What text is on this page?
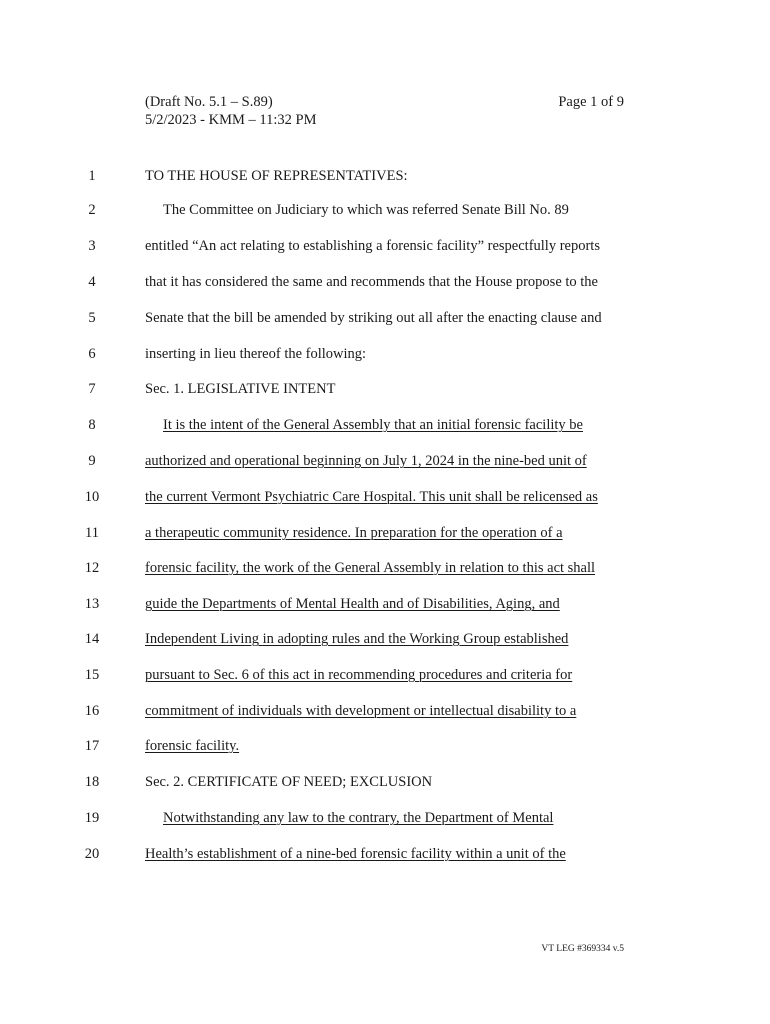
(Draft No. 5.1 – S.89)
5/2/2023 - KMM – 11:32 PM
Page 1 of 9
1	TO THE HOUSE OF REPRESENTATIVES:
2	The Committee on Judiciary to which was referred Senate Bill No. 89
3	entitled “An act relating to establishing a forensic facility” respectfully reports
4	that it has considered the same and recommends that the House propose to the
5	Senate that the bill be amended by striking out all after the enacting clause and
6	inserting in lieu thereof the following:
7	Sec. 1. LEGISLATIVE INTENT
8	It is the intent of the General Assembly that an initial forensic facility be
9	authorized and operational beginning on July 1, 2024 in the nine-bed unit of
10	the current Vermont Psychiatric Care Hospital. This unit shall be relicensed as
11	a therapeutic community residence. In preparation for the operation of a
12	forensic facility, the work of the General Assembly in relation to this act shall
13	guide the Departments of Mental Health and of Disabilities, Aging, and
14	Independent Living in adopting rules and the Working Group established
15	pursuant to Sec. 6 of this act in recommending procedures and criteria for
16	commitment of individuals with development or intellectual disability to a
17	forensic facility.
18	Sec. 2. CERTIFICATE OF NEED; EXCLUSION
19	Notwithstanding any law to the contrary, the Department of Mental
20	Health’s establishment of a nine-bed forensic facility within a unit of the
VT LEG #369334 v.5
